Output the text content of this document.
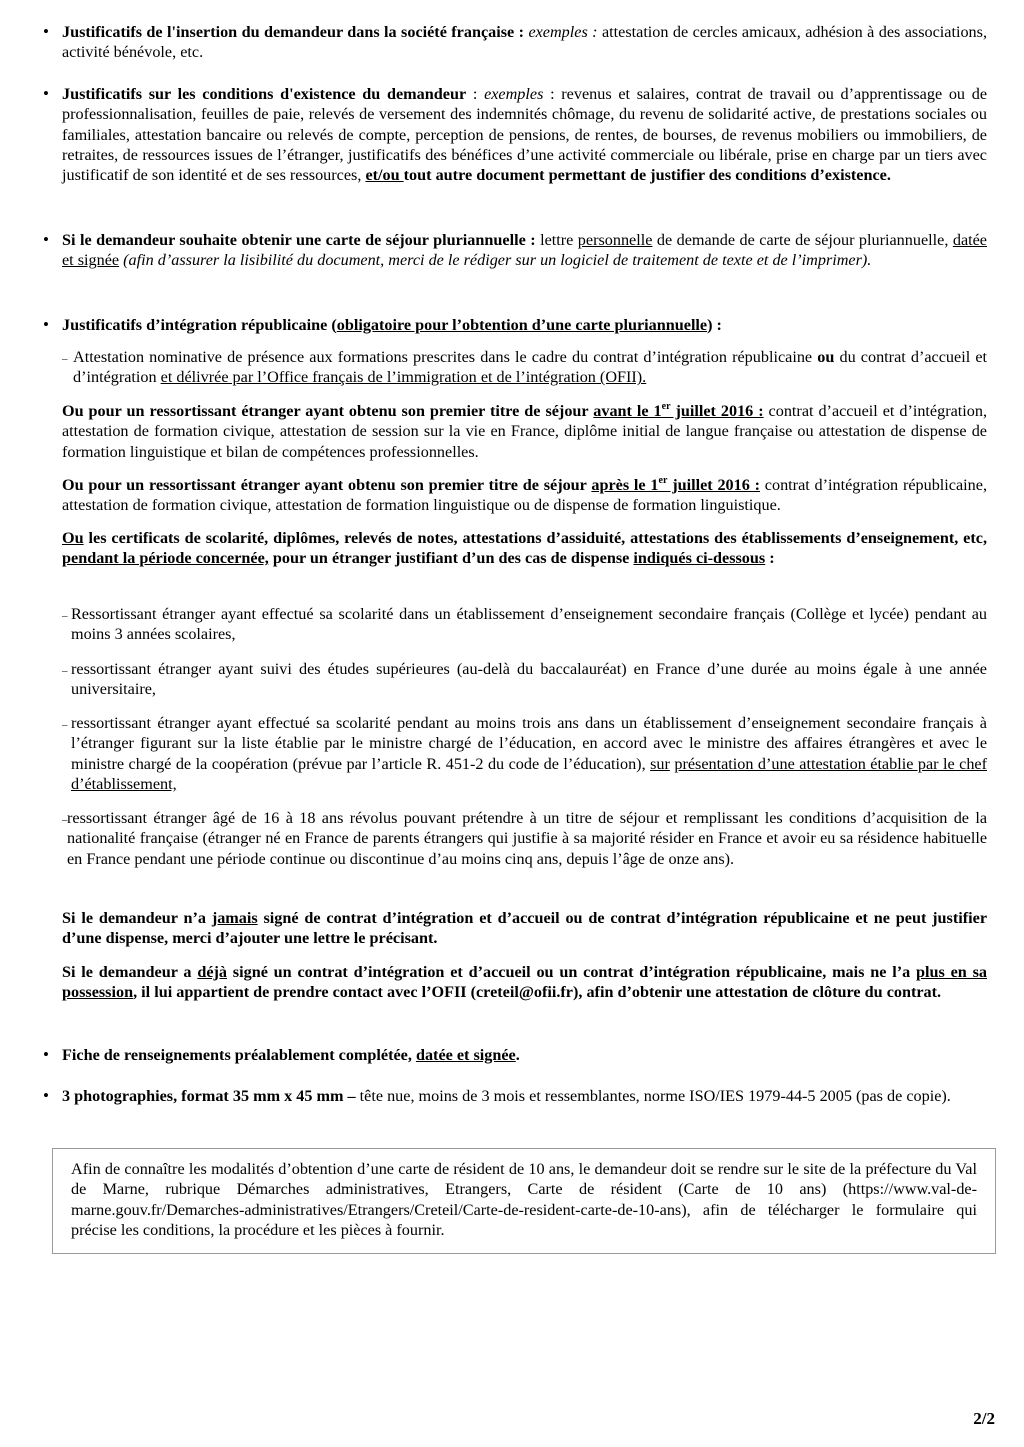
• Justificatifs de l'insertion du demandeur dans la société française : exemples : attestation de cercles amicaux, adhésion à des associations, activité bénévole, etc.
• Justificatifs sur les conditions d'existence du demandeur : exemples : revenus et salaires, contrat de travail ou d’apprentissage ou de professionnalisation, feuilles de paie, relevés de versement des indemnités chômage, du revenu de solidarité active, de prestations sociales ou familiales, attestation bancaire ou relevés de compte, perception de pensions, de rentes, de bourses, de revenus mobiliers ou immobiliers, de retraites, de ressources issues de l’étranger, justificatifs des bénéfices d’une activité commerciale ou libérale, prise en charge par un tiers avec justificatif de son identité et de ses ressources, et/ou tout autre document permettant de justifier des conditions d’existence.
• Si le demandeur souhaite obtenir une carte de séjour pluriannuelle : lettre personnelle de demande de carte de séjour pluriannuelle, datée et signée (afin d’assurer la lisibilité du document, merci de le rédiger sur un logiciel de traitement de texte et de l’imprimer).
• Justificatifs d’intégration républicaine (obligatoire pour l’obtention d’une carte pluriannuelle) :
– Attestation nominative de présence aux formations prescrites dans le cadre du contrat d’intégration républicaine ou du contrat d’accueil et d’intégration et délivrée par l’Office français de l’immigration et de l’intégration (OFII).
Ou pour un ressortissant étranger ayant obtenu son premier titre de séjour avant le 1er juillet 2016 : contrat d’accueil et d’intégration, attestation de formation civique, attestation de session sur la vie en France, diplôme initial de langue française ou attestation de dispense de formation linguistique et bilan de compétences professionnelles.
Ou pour un ressortissant étranger ayant obtenu son premier titre de séjour après le 1er juillet 2016 : contrat d’intégration républicaine, attestation de formation civique, attestation de formation linguistique ou de dispense de formation linguistique.
Ou les certificats de scolarité, diplômes, relevés de notes, attestations d’assiduité, attestations des établissements d’enseignement, etc, pendant la période concernée, pour un étranger justifiant d’un des cas de dispense indiqués ci-dessous :
– Ressortissant étranger ayant effectué sa scolarité dans un établissement d’enseignement secondaire français (Collège et lycée) pendant au moins 3 années scolaires,
– ressortissant étranger ayant suivi des études supérieures (au-delà du baccalauréat) en France d’une durée au moins égale à une année universitaire,
– ressortissant étranger ayant effectué sa scolarité pendant au moins trois ans dans un établissement d’enseignement secondaire français à l’étranger figurant sur la liste établie par le ministre chargé de l’éducation, en accord avec le ministre des affaires étrangères et avec le ministre chargé de la coopération (prévue par l’article R. 451-2 du code de l’éducation), sur présentation d’une attestation établie par le chef d’établissement,
– ressortissant étranger âgé de 16 à 18 ans révolus pouvant prétendre à un titre de séjour et remplissant les conditions d’acquisition de la nationalité française (étranger né en France de parents étrangers qui justifie à sa majorité résider en France et avoir eu sa résidence habituelle en France pendant une période continue ou discontinue d’au moins cinq ans, depuis l’âge de onze ans).
Si le demandeur n’a jamais signé de contrat d’intégration et d’accueil ou de contrat d’intégration républicaine et ne peut justifier d’une dispense, merci d’ajouter une lettre le précisant.
Si le demandeur a déjà signé un contrat d’intégration et d’accueil ou un contrat d’intégration républicaine, mais ne l’a plus en sa possession, il lui appartient de prendre contact avec l’OFII (creteil@ofii.fr), afin d’obtenir une attestation de clôture du contrat.
• Fiche de renseignements préalablement complétée, datée et signée.
• 3 photographies, format 35 mm x 45 mm – tête nue, moins de 3 mois et ressemblantes, norme ISO/IES 1979-44-5 2005 (pas de copie).
Afin de connaître les modalités d’obtention d’une carte de résident de 10 ans, le demandeur doit se rendre sur le site de la préfecture du Val de Marne, rubrique Démarches administratives, Etrangers, Carte de résident (Carte de 10 ans) (https://www.val-de-marne.gouv.fr/Demarches-administratives/Etrangers/Creteil/Carte-de-resident-carte-de-10-ans), afin de télécharger le formulaire qui précise les conditions, la procédure et les pièces à fournir.
2/2
